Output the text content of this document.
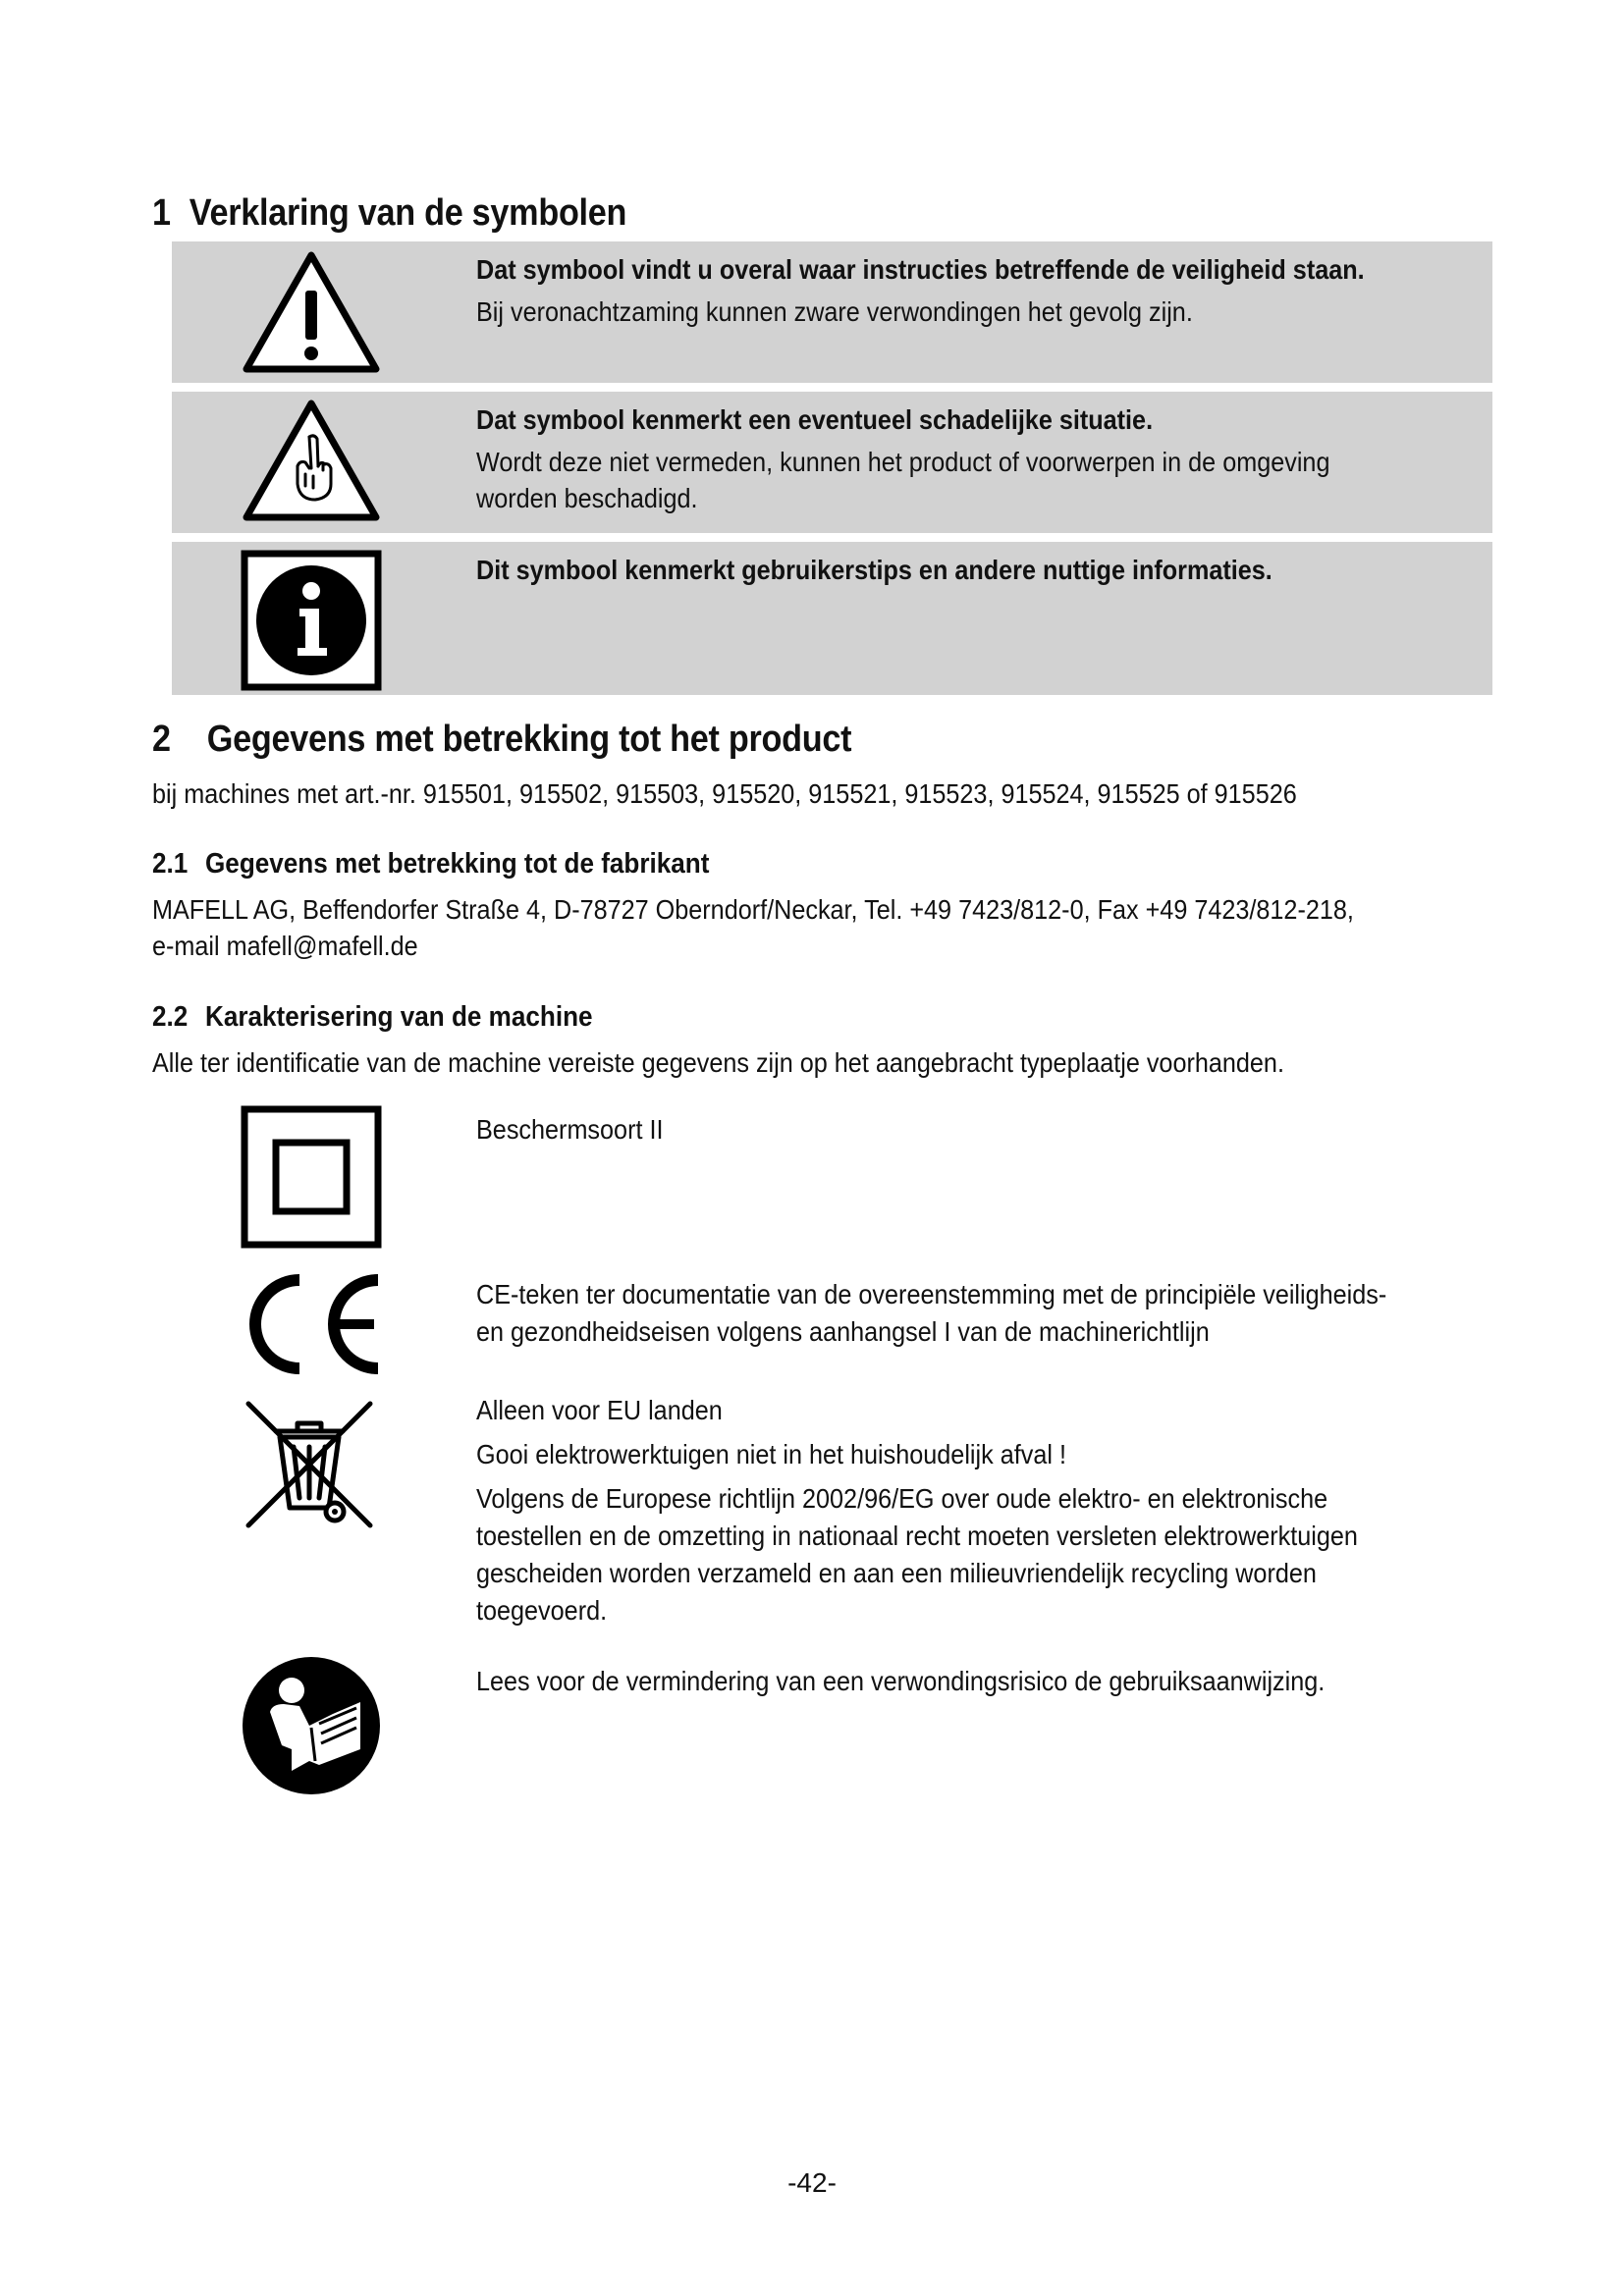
1 Verklaring van de symbolen
Dat symbool vindt u overal waar instructies betreffende de veiligheid staan.
Bij veronachtzaming kunnen zware verwondingen het gevolg zijn.
Dat symbool kenmerkt een eventueel schadelijke situatie.
Wordt deze niet vermeden, kunnen het product of voorwerpen in de omgeving
worden beschadigd.
Dit symbool kenmerkt gebruikerstips en andere nuttige informaties.
2 Gegevens met betrekking tot het product
bij machines met art.-nr. 915501, 915502, 915503, 915520, 915521, 915523, 915524, 915525 of 915526
2.1 Gegevens met betrekking tot de fabrikant
MAFELL AG, Beffendorfer Straße 4, D-78727 Oberndorf/Neckar, Tel. +49 7423/812-0, Fax +49 7423/812-218,
e-mail mafell@mafell.de
2.2 Karakterisering van de machine
Alle ter identificatie van de machine vereiste gegevens zijn op het aangebracht typeplaatje voorhanden.
Beschermsoort II
CE-teken ter documentatie van de overeenstemming met de principiële veiligheids-
en gezondheidseisen volgens aanhangsel I van de machinerichtlijn
Alleen voor EU landen
Gooi elektrowerktuigen niet in het huishoudelijk afval !
Volgens de Europese richtlijn 2002/96/EG over oude elektro- en elektronische
toestellen en de omzetting in nationaal recht moeten versleten elektrowerktuigen
gescheiden worden verzameld en aan een milieuvriendelijk recycling worden
toegevoerd.
Lees voor de vermindering van een verwondingsrisico de gebruiksaanwijzing.
-42-
